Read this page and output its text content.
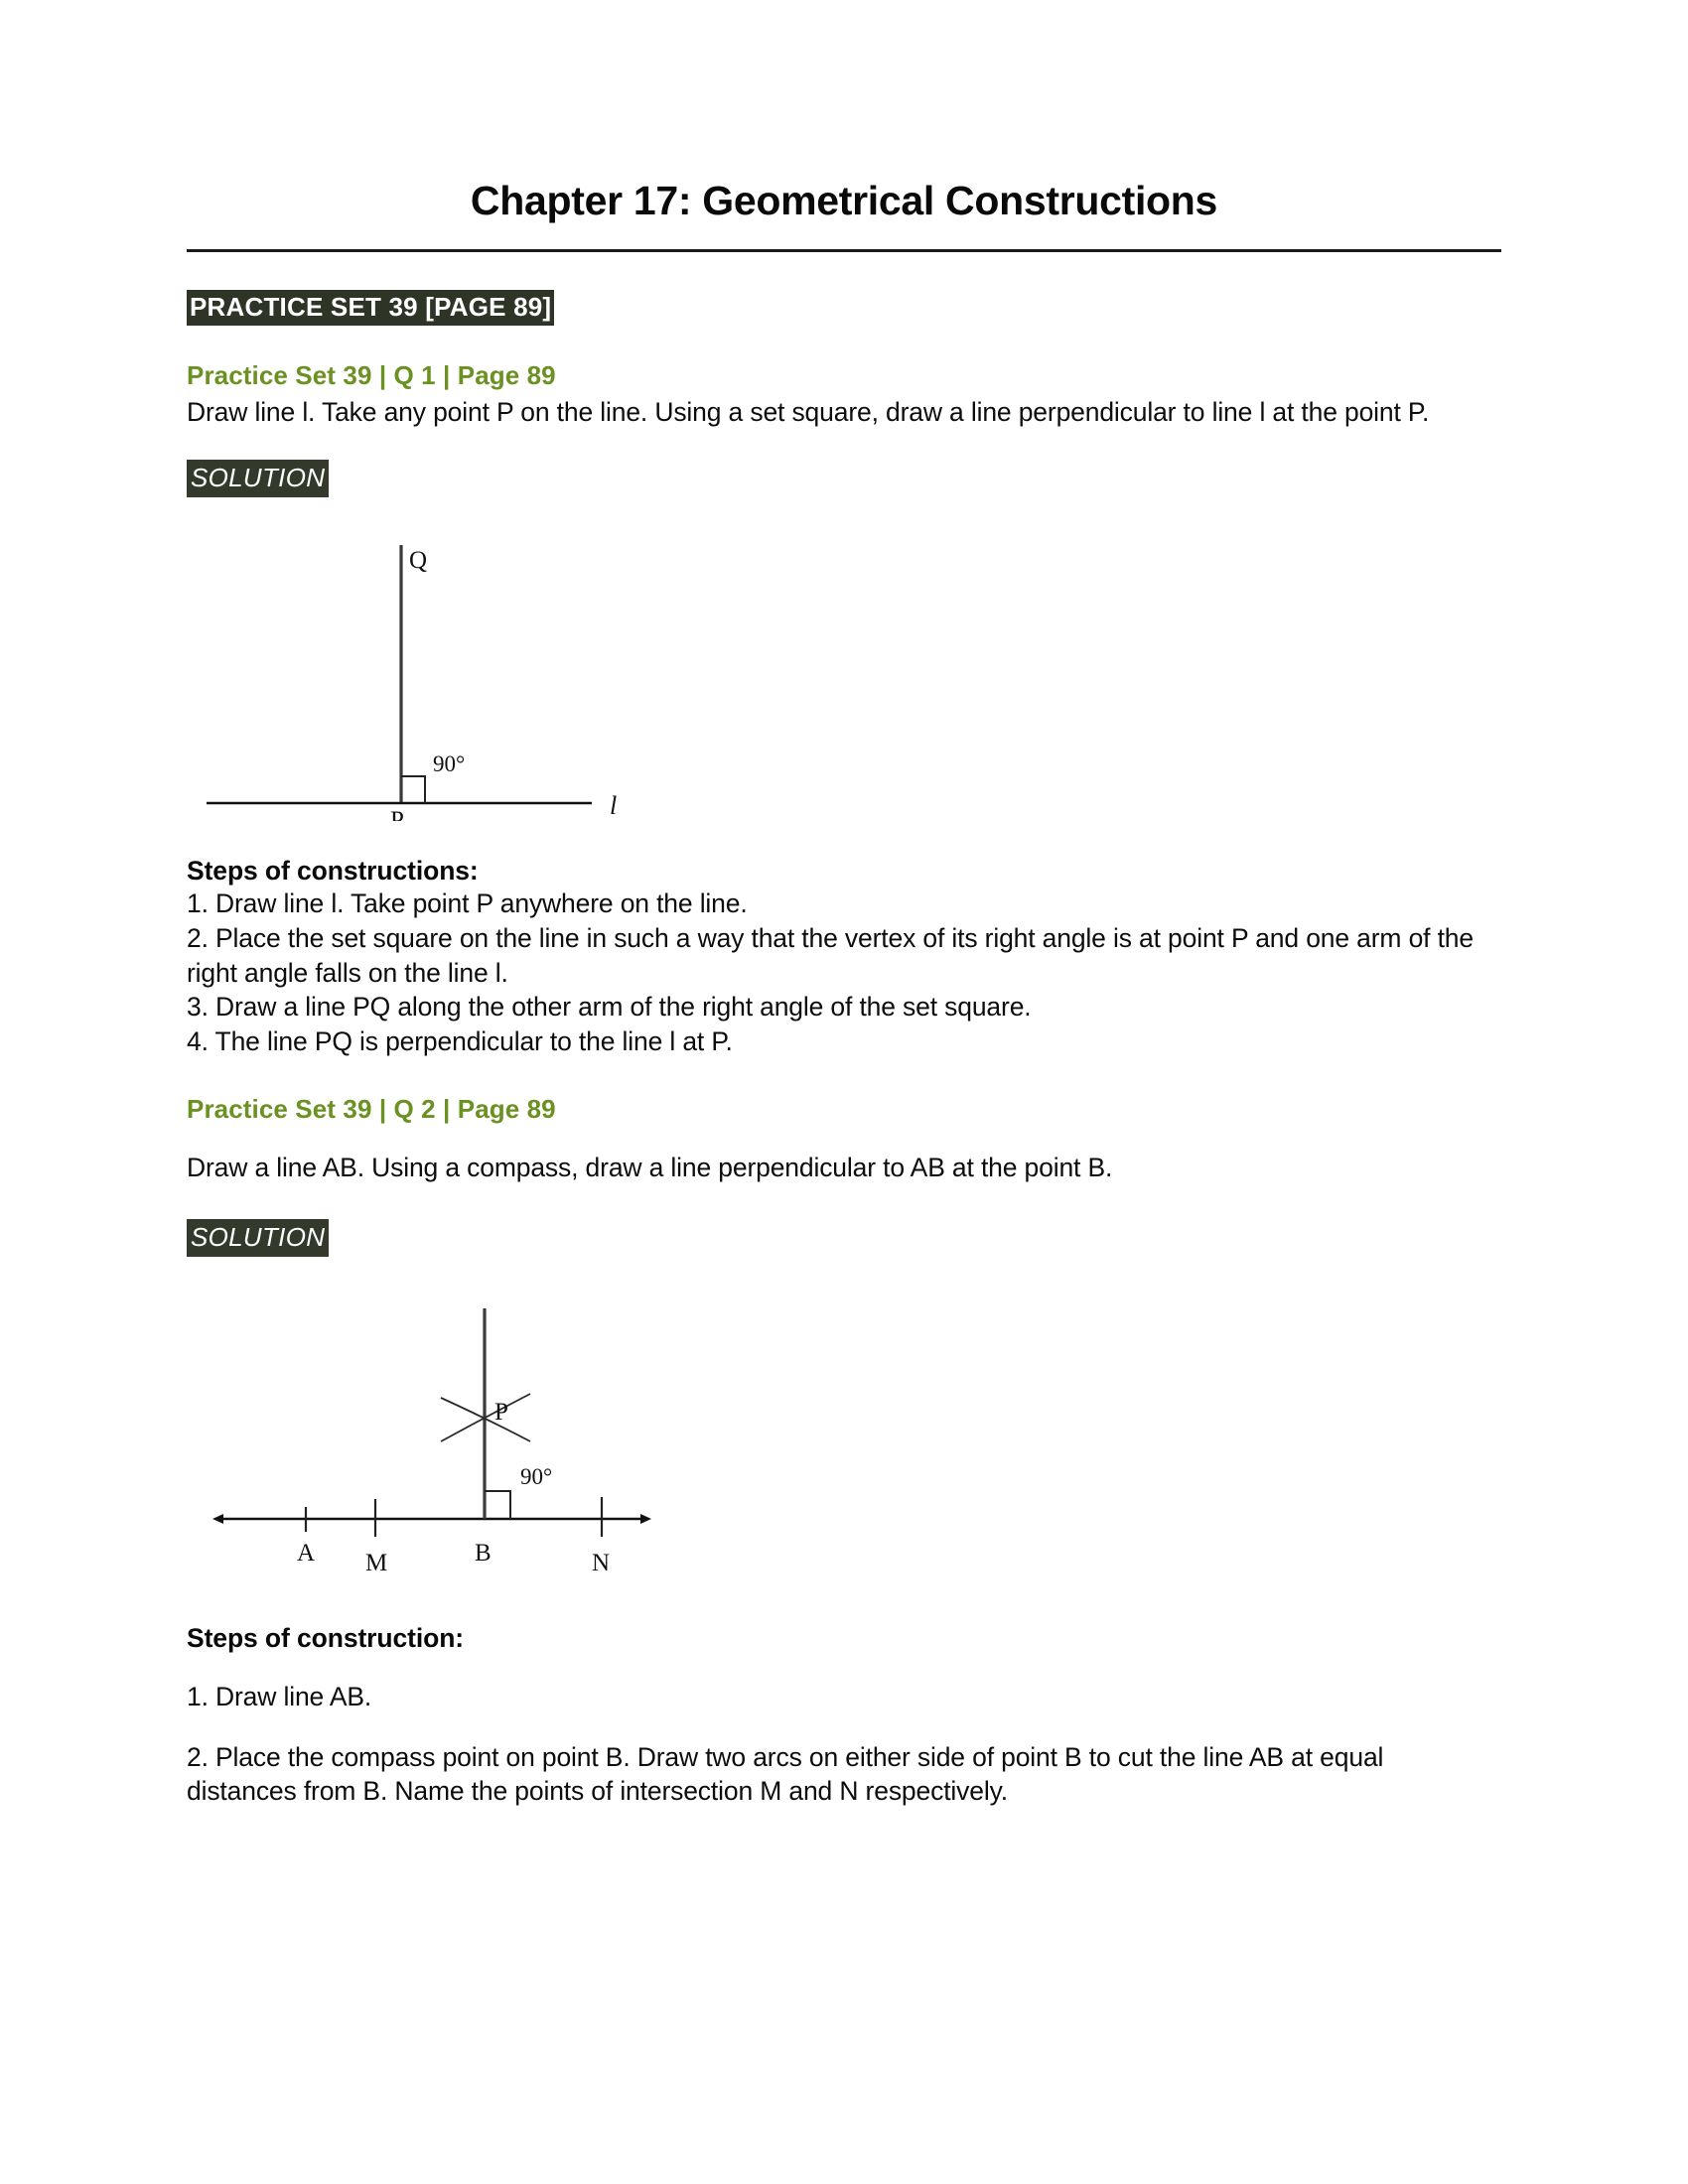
Chapter 17: Geometrical Constructions
PRACTICE SET 39 [PAGE 89]
Practice Set 39 | Q 1 | Page 89
Draw line l. Take any point P on the line. Using a set square, draw a line perpendicular to line l at the point P.
SOLUTION
Q
P
l
90°
Steps of constructions:
1. Draw line l. Take point P anywhere on the line.
2. Place the set square on the line in such a way that the vertex of its right angle is at point P and one arm of the right angle falls on the line l.
3. Draw a line PQ along the other arm of the right angle of the set square.
4. The line PQ is perpendicular to the line l at P.
Practice Set 39 | Q 2 | Page 89
Draw a line AB. Using a compass, draw a line perpendicular to AB at the point B.
SOLUTION
P
90°
A M	B	N
Steps of construction:
1. Draw line AB.
2. Place the compass point on point B. Draw two arcs on either side of point B to cut the line AB at equal distances from B. Name the points of intersection M and N respectively.
